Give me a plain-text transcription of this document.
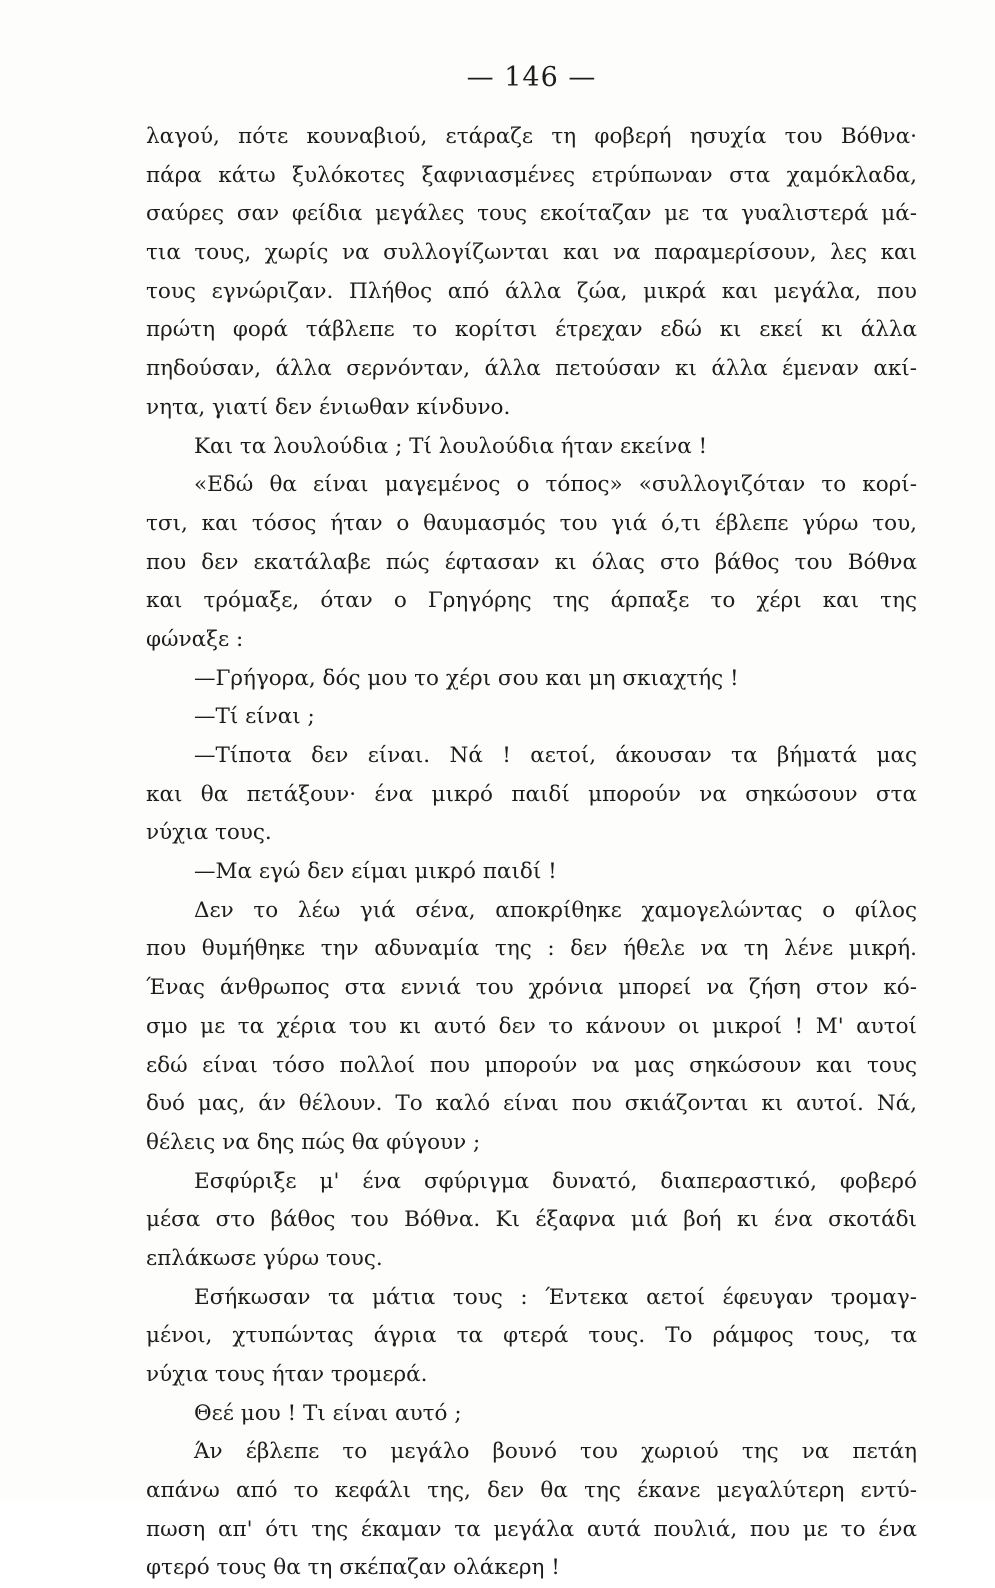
— 146 —
λαγού, πότε κουναβιού, ετάραζε τη φοβερή ησυχία του Βόθνα·
πάρα κάτω ξυλόκοτες ξαφνιασμένες ετρύπωναν στα χαμόκλαδα,
σαύρες σαν φείδια μεγάλες τους εκοίταζαν με τα γυαλιστερά μά-
τια τους, χωρίς να συλλογίζωνται και να παραμερίσουν, λες και
τους εγνώριζαν. Πλήθος από άλλα ζώα, μικρά και μεγάλα, που
πρώτη φορά τάβλεπε το κορίτσι έτρεχαν εδώ κι εκεί κι άλλα
πηδούσαν, άλλα σερνόνταν, άλλα πετούσαν κι άλλα έμεναν ακί-
νητα, γιατί δεν ένιωθαν κίνδυνο.
Και τα λουλούδια ; Τί λουλούδια ήταν εκείνα !
«Εδώ θα είναι μαγεμένος ο τόπος» «συλλογιζόταν το κορί-
τσι, και τόσος ήταν ο θαυμασμός του γιά ό,τι έβλεπε γύρω του,
που δεν εκατάλαβε πώς έφτασαν κι όλας στο βάθος του Βόθνα
και τρόμαξε, όταν ο Γρηγόρης της άρπαξε το χέρι και της
φώναξε :
—Γρήγορα, δός μου το χέρι σου και μη σκιαχτής !
—Τί είναι ;
—Τίποτα δεν είναι. Νά ! αετοί, άκουσαν τα βήματά μας
και θα πετάξουν· ένα μικρό παιδί μπορούν να σηκώσουν στα
νύχια τους.
—Μα εγώ δεν είμαι μικρό παιδί !
Δεν το λέω γιά σένα, αποκρίθηκε χαμογελώντας ο φίλος
που θυμήθηκε την αδυναμία της : δεν ήθελε να τη λένε μικρή.
Ένας άνθρωπος στα εννιά του χρόνια μπορεί να ζήση στον κό-
σμο με τα χέρια του κι αυτό δεν το κάνουν οι μικροί ! Μ' αυτοί
εδώ είναι τόσο πολλοί που μπορούν να μας σηκώσουν και τους
δυό μας, άν θέλουν. Το καλό είναι που σκιάζονται κι αυτοί. Νά,
θέλεις να δης πώς θα φύγουν ;
Εσφύριξε μ' ένα σφύριγμα δυνατό, διαπεραστικό, φοβερό
μέσα στο βάθος του Βόθνα. Κι έξαφνα μιά βοή κι ένα σκοτάδι
επλάκωσε γύρω τους.
Εσήκωσαν τα μάτια τους : Έντεκα αετοί έφευγαν τρομαγ-
μένοι, χτυπώντας άγρια τα φτερά τους. Το ράμφος τους, τα
νύχια τους ήταν τρομερά.
Θεέ μου ! Τι είναι αυτό ;
Άν έβλεπε το μεγάλο βουνό του χωριού της να πετάη
απάνω από το κεφάλι της, δεν θα της έκανε μεγαλύτερη εντύ-
πωση απ' ότι της έκαμαν τα μεγάλα αυτά πουλιά, που με το ένα
φτερό τους θα τη σκέπαζαν ολάκερη !
